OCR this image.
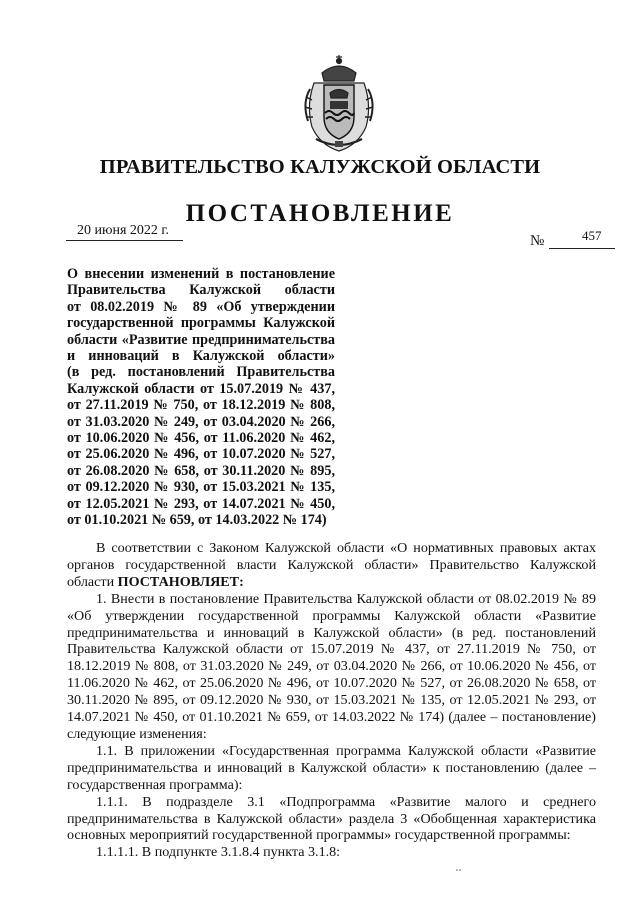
ПРАВИТЕЛЬСТВО КАЛУЖСКОЙ ОБЛАСТИ
ПОСТАНОВЛЕНИЕ
20 июня 2022 г.
№	457
О внесении изменений в постановление
Правительства Калужской области
от 08.02.2019 № 89 «Об утверждении
государственной программы Калужской
области «Развитие предпринимательства
и инноваций в Калужской области»
(в ред. постановлений Правительства
Калужской области от 15.07.2019 № 437,
от 27.11.2019 № 750, от 18.12.2019 № 808,
от 31.03.2020 № 249, от 03.04.2020 № 266,
от 10.06.2020 № 456, от 11.06.2020 № 462,
от 25.06.2020 № 496, от 10.07.2020 № 527,
от 26.08.2020 № 658, от 30.11.2020 № 895,
от 09.12.2020 № 930, от 15.03.2021 № 135,
от 12.05.2021 № 293, от 14.07.2021 № 450,
от 01.10.2021 № 659, от 14.03.2022 № 174)

В соответствии с Законом Калужской области «О нормативных правовых актах органов государственной власти Калужской области» Правительство Калужской области ПОСТАНОВЛЯЕТ:

1. Внести в постановление Правительства Калужской области от 08.02.2019 № 89 «Об утверждении государственной программы Калужской области «Развитие предпринимательства и инноваций в Калужской области» (в ред. постановлений Правительства Калужской области от 15.07.2019 № 437, от 27.11.2019 № 750, от 18.12.2019 № 808, от 31.03.2020 № 249, от 03.04.2020 № 266, от 10.06.2020 № 456, от 11.06.2020 № 462, от 25.06.2020 № 496, от 10.07.2020 № 527, от 26.08.2020 № 658, от 30.11.2020 № 895, от 09.12.2020 № 930, от 15.03.2021 № 135, от 12.05.2021 № 293, от 14.07.2021 № 450, от 01.10.2021 № 659, от 14.03.2022 № 174) (далее – постановление) следующие изменения:

1.1. В приложении «Государственная программа Калужской области «Развитие предпринимательства и инноваций в Калужской области» к постановлению (далее – государственная программа):

1.1.1. В подразделе 3.1 «Подпрограмма «Развитие малого и среднего предпринимательства в Калужской области» раздела 3 «Обобщенная характеристика основных мероприятий государственной программы» государственной программы:

1.1.1.1. В подпункте 3.1.8.4 пункта 3.1.8:
